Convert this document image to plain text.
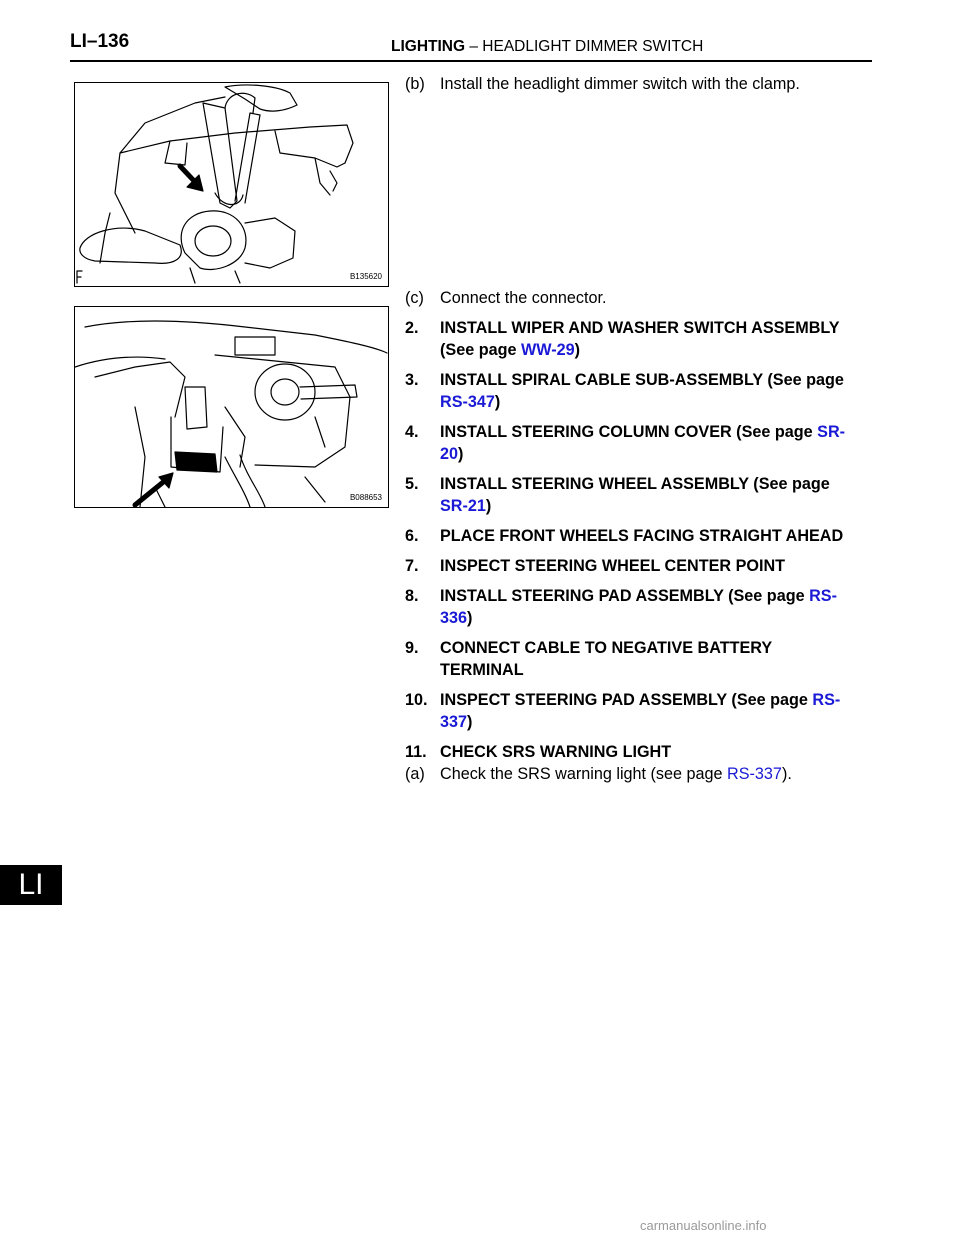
LI–136	LIGHTING – HEADLIGHT DIMMER SWITCH
B135620
B088653
(b) Install the headlight dimmer switch with the clamp.
(c) Connect the connector.
2. INSTALL WIPER AND WASHER SWITCH ASSEMBLY
(See page WW-29)
3. INSTALL SPIRAL CABLE SUB-ASSEMBLY (See page
RS-347)
4. INSTALL STEERING COLUMN COVER (See page SR-
20)
5. INSTALL STEERING WHEEL ASSEMBLY (See page
SR-21)
6. PLACE FRONT WHEELS FACING STRAIGHT AHEAD
7. INSPECT STEERING WHEEL CENTER POINT
8. INSTALL STEERING PAD ASSEMBLY (See page RS-
336)
9. CONNECT CABLE TO NEGATIVE BATTERY
TERMINAL
10. INSPECT STEERING PAD ASSEMBLY (See page RS-
337)
11. CHECK SRS WARNING LIGHT
(a) Check the SRS warning light (see page RS-337).
LI
carmanualsonline.info
